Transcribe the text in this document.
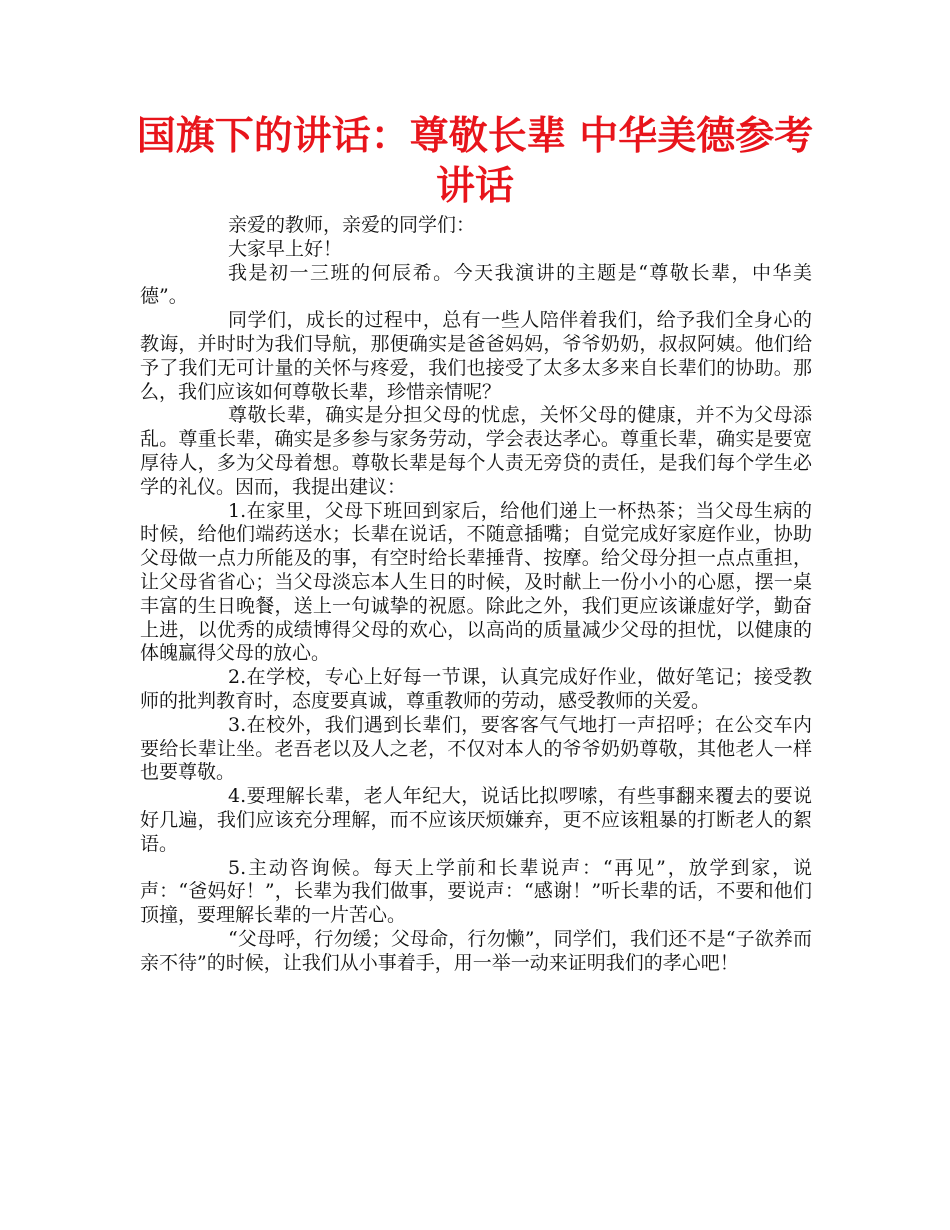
国旗下的讲话：尊敬长辈 中华美德参考讲话

亲爱的教师，亲爱的同学们：

大家早上好！

我是初一三班的何辰希。今天我演讲的主题是“尊敬长辈，中华美德”。

同学们，成长的过程中，总有一些人陪伴着我们，给予我们全身心的教诲，并时时为我们导航，那便确实是爸爸妈妈，爷爷奶奶，叔叔阿姨。他们给予了我们无可计量的关怀与疼爱，我们也接受了太多太多来自长辈们的协助。那么，我们应该如何尊敬长辈，珍惜亲情呢？

尊敬长辈，确实是分担父母的忧虑，关怀父母的健康，并不为父母添乱。尊重长辈，确实是多参与家务劳动，学会表达孝心。尊重长辈，确实是要宽厚待人，多为父母着想。尊敬长辈是每个人责无旁贷的责任，是我们每个学生必学的礼仪。因而，我提出建议：

1.在家里，父母下班回到家后，给他们递上一杯热茶；当父母生病的时候，给他们端药送水；长辈在说话，不随意插嘴；自觉完成好家庭作业，协助父母做一点力所能及的事，有空时给长辈捶背、按摩。给父母分担一点点重担，让父母省省心；当父母淡忘本人生日的时候，及时献上一份小小的心愿，摆一桌丰富的生日晚餐，送上一句诚挚的祝愿。除此之外，我们更应该谦虚好学，勤奋上进，以优秀的成绩博得父母的欢心，以高尚的质量减少父母的担忧，以健康的体魄赢得父母的放心。

2.在学校，专心上好每一节课，认真完成好作业，做好笔记；接受教师的批判教育时，态度要真诚，尊重教师的劳动，感受教师的关爱。

3.在校外，我们遇到长辈们，要客客气气地打一声招呼；在公交车内要给长辈让坐。老吾老以及人之老，不仅对本人的爷爷奶奶尊敬，其他老人一样也要尊敬。

4.要理解长辈，老人年纪大，说话比拟啰嗦，有些事翻来覆去的要说好几遍，我们应该充分理解，而不应该厌烦嫌弃，更不应该粗暴的打断老人的絮语。

5.主动咨询候。每天上学前和长辈说声：“再见”，放学到家，说声：“爸妈好！”，长辈为我们做事，要说声：“感谢！”听长辈的话，不要和他们顶撞，要理解长辈的一片苦心。

“父母呼，行勿缓；父母命，行勿懒”，同学们，我们还不是“子欲养而亲不待”的时候，让我们从小事着手，用一举一动来证明我们的孝心吧！
